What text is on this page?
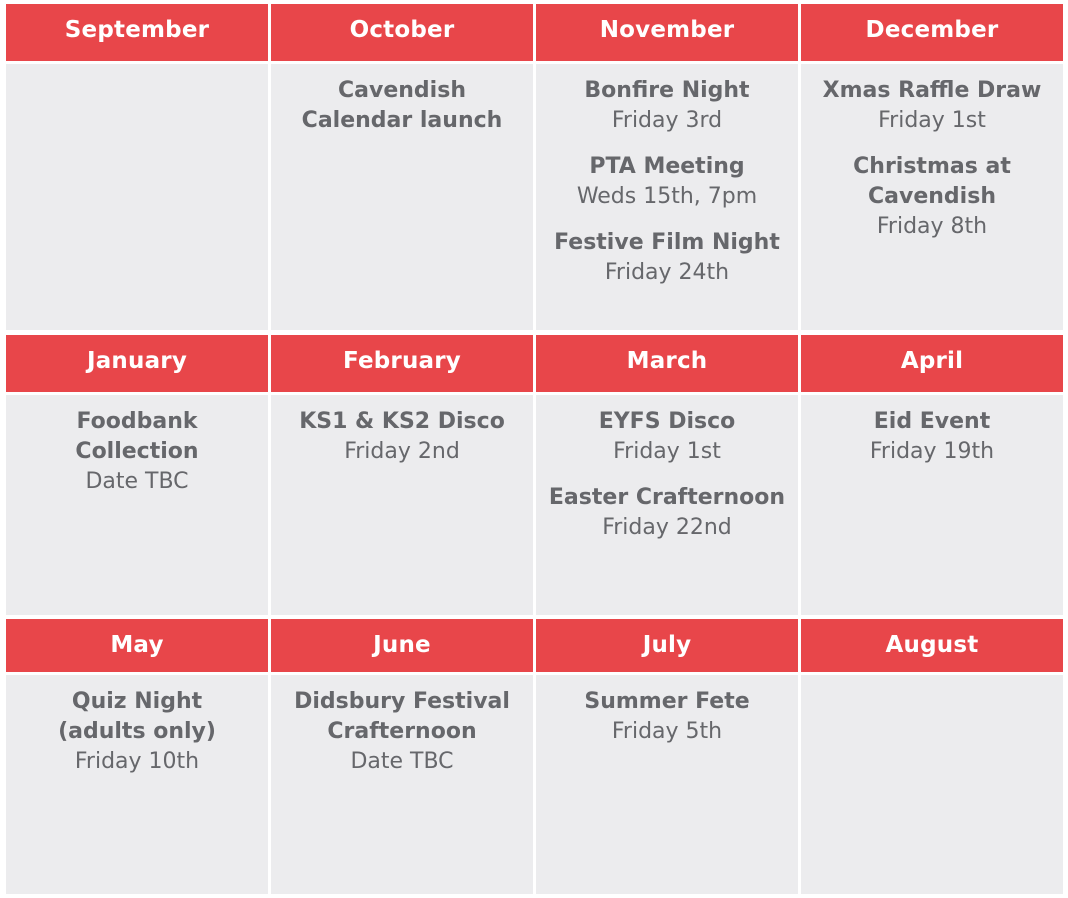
September	October
Cavendish
Calendar launch
November
Bonfire Night
Friday 3rd
PTA Meeting
Weds 15th, 7pm
Festive Film Night
Friday 24th
December
Xmas Raffle Draw
Friday 1st
Christmas at
Cavendish
Friday 8th
January
Foodbank
Collection
Date TBC
February
KS1 & KS2 Disco
Friday 2nd
March
EYFS Disco
Friday 1st
Easter Crafternoon
Friday 22nd
April
Eid Event
Friday 19th
May
Quiz Night
(adults only)
Friday 10th
June
Didsbury Festival
Crafternoon
Date TBC
July
Summer Fete
Friday 5th
August
